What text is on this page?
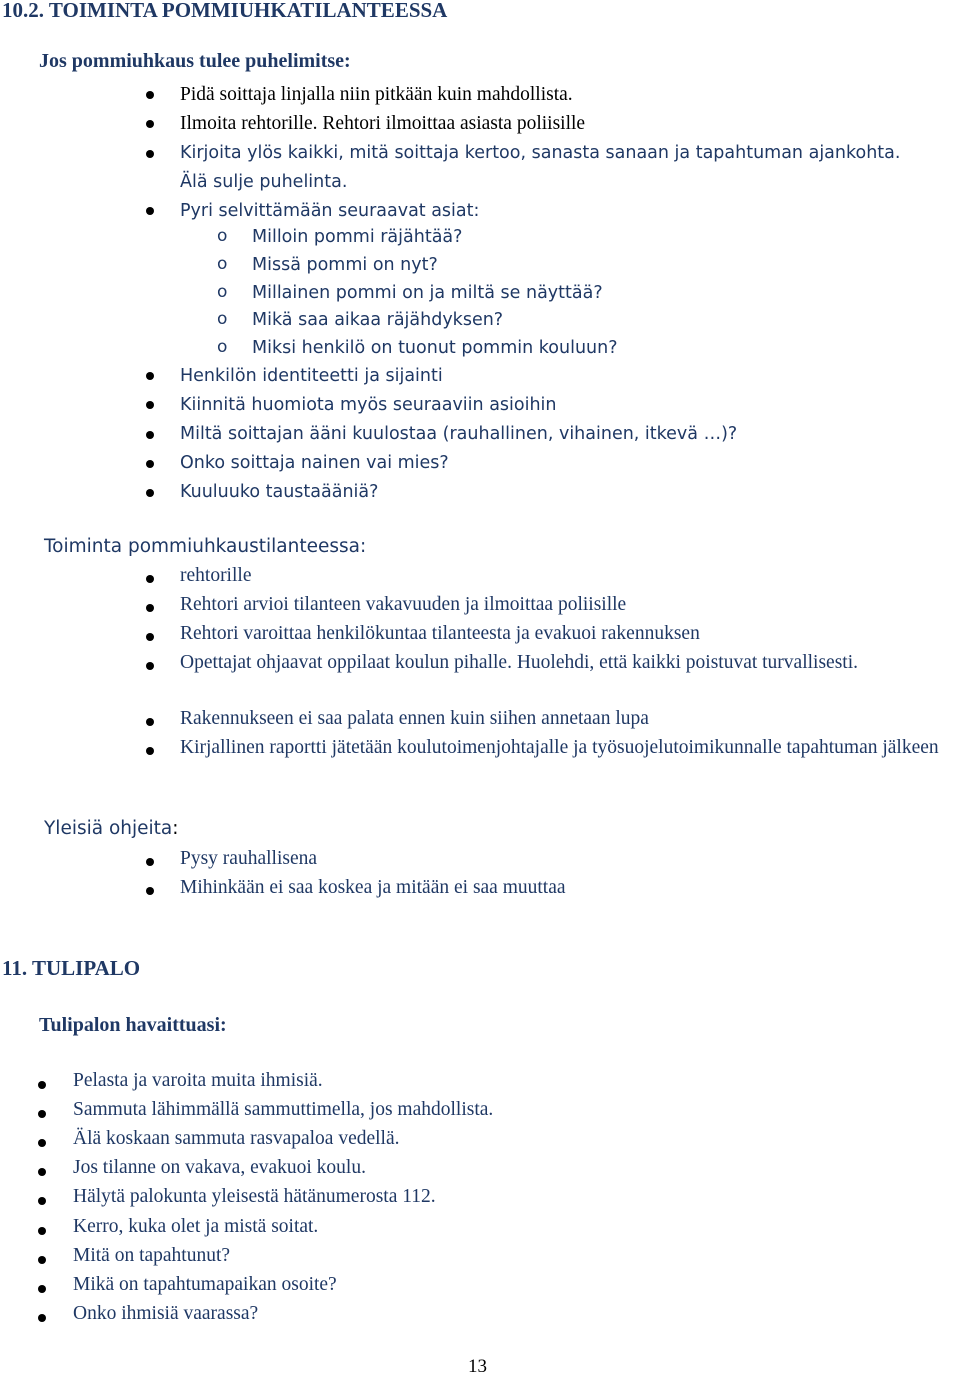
10.2. TOIMINTA POMMIUHKATILANTEESSA
Jos pommiuhkaus tulee puhelimitse:
Pidä soittaja linjalla niin pitkään kuin mahdollista.
Ilmoita rehtorille. Rehtori ilmoittaa asiasta poliisille
Kirjoita ylös kaikki, mitä soittaja kertoo, sanasta sanaan ja tapahtuman ajankohta.
Älä sulje puhelinta.
Pyri selvittämään seuraavat asiat:
o Milloin pommi räjähtää?
o Missä pommi on nyt?
o Millainen pommi on ja miltä se näyttää?
o Mikä saa aikaa räjähdyksen?
o Miksi henkilö on tuonut pommin kouluun?
Henkilön identiteetti ja sijainti
Kiinnitä huomiota myös seuraaviin asioihin
Miltä soittajan ääni kuulostaa (rauhallinen, vihainen, itkevä …)?
Onko soittaja nainen vai mies?
Kuuluuko taustaääniä?
Toiminta pommiuhkaustilanteessa:
rehtorille
Rehtori arvioi tilanteen vakavuuden ja ilmoittaa poliisille
Rehtori varoittaa henkilökuntaa tilanteesta ja evakuoi rakennuksen
Opettajat ohjaavat oppilaat koulun pihalle. Huolehdi, että kaikki poistuvat turvallisesti.
Rakennukseen ei saa palata ennen kuin siihen annetaan lupa
Kirjallinen raportti jätetään koulutoimenjohtajalle ja työsuojelutoimikunnalle tapahtuman jälkeen
Yleisiä ohjeita:
Pysy rauhallisena
Mihinkään ei saa koskea ja mitään ei saa muuttaa
11. TULIPALO
Tulipalon havaittuasi:
Pelasta ja varoita muita ihmisiä.
Sammuta lähimmällä sammuttimella, jos mahdollista.
Älä koskaan sammuta rasvapaloa vedellä.
Jos tilanne on vakava, evakuoi koulu.
Hälytä palokunta yleisestä hätänumerosta 112.
Kerro, kuka olet ja mistä soitat.
Mitä on tapahtunut?
Mikä on tapahtumapaikan osoite?
Onko ihmisiä vaarassa?
13
